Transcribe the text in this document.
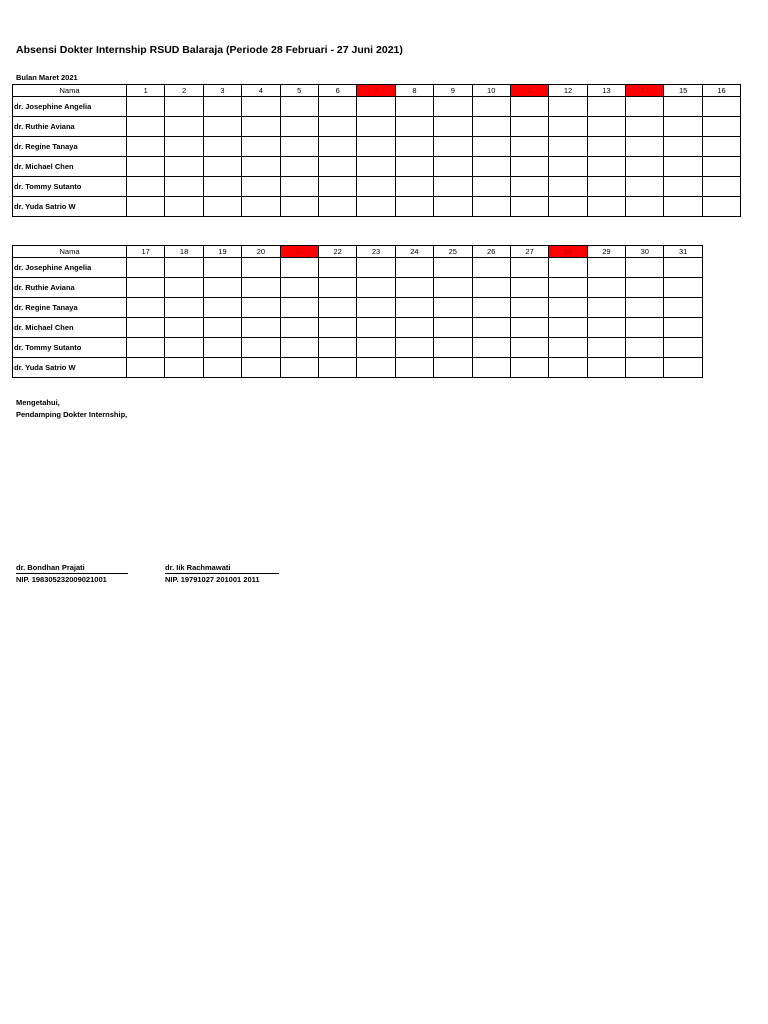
Absensi Dokter Internship RSUD Balaraja (Periode 28 Februari - 27 Juni 2021)
Bulan Maret 2021
Nama	1	2	3	4	5	6	7	8	9	10	11	12	13	14	15	16
dr. Josephine Angelia																
dr. Ruthie Aviana																
dr. Regine Tanaya																
dr. Michael Chen																
dr. Tommy Sutanto																
dr. Yuda Satrio W																
Nama	17	18	19	20	21	22	23	24	25	26	27	28	29	30	31
dr. Josephine Angelia															
dr. Ruthie Aviana															
dr. Regine Tanaya															
dr. Michael Chen															
dr. Tommy Sutanto															
dr. Yuda Satrio W															
Mengetahui,
Pendamping Dokter Internship,
dr. Bondhan Prajati
NIP. 198305232009021001
dr. Iik Rachmawati
NIP. 19791027 201001 2011
